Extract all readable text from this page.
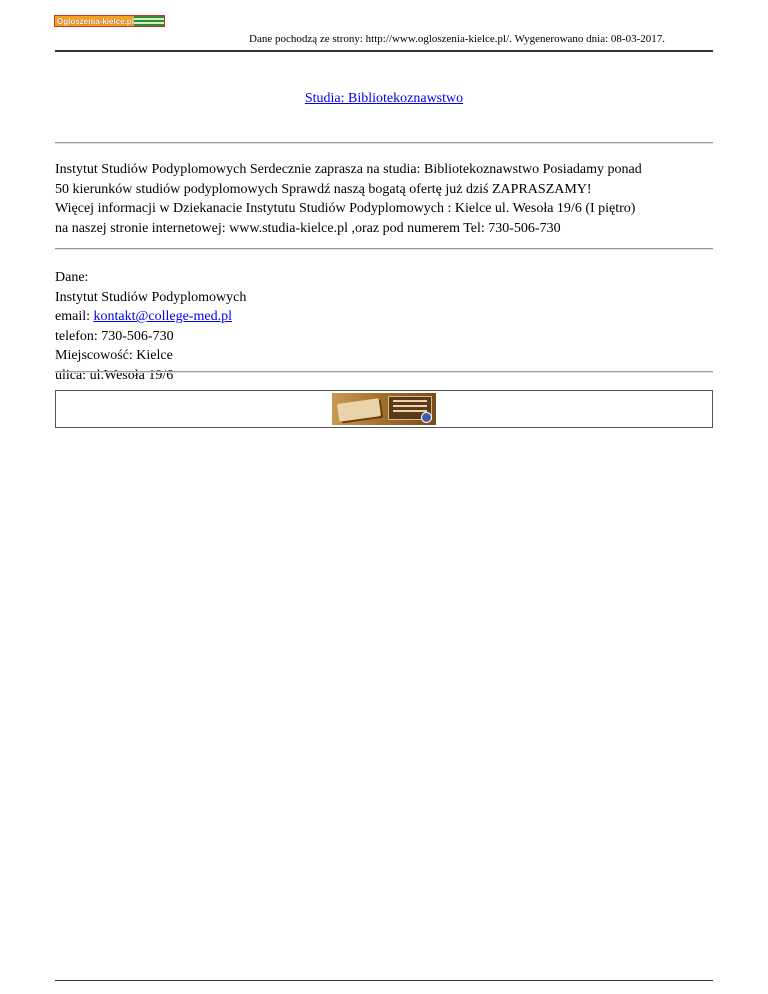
Ogloszenia-kielce.pl
Dane pochodzą ze strony: http://www.ogloszenia-kielce.pl/. Wygenerowano dnia: 08-03-2017.
Studia: Bibliotekoznawstwo

Instytut Studiów Podyplomowych Serdecznie zaprasza na studia: Bibliotekoznawstwo Posiadamy ponad

50 kierunków studiów podyplomowych Sprawdź naszą bogatą ofertę już dziś ZAPRASZAMY!

Więcej informacji w Dziekanacie Instytutu Studiów Podyplomowych : Kielce ul. Wesoła 19/6 (I piętro)

na naszej stronie internetowej: www.studia-kielce.pl ,oraz pod numerem Tel: 730-506-730

Dane:
Instytut Studiów Podyplomowych
email: kontakt@college-med.pl
telefon: 730-506-730
Miejscowość: Kielce
ulica: ul.Wesoła 19/6
